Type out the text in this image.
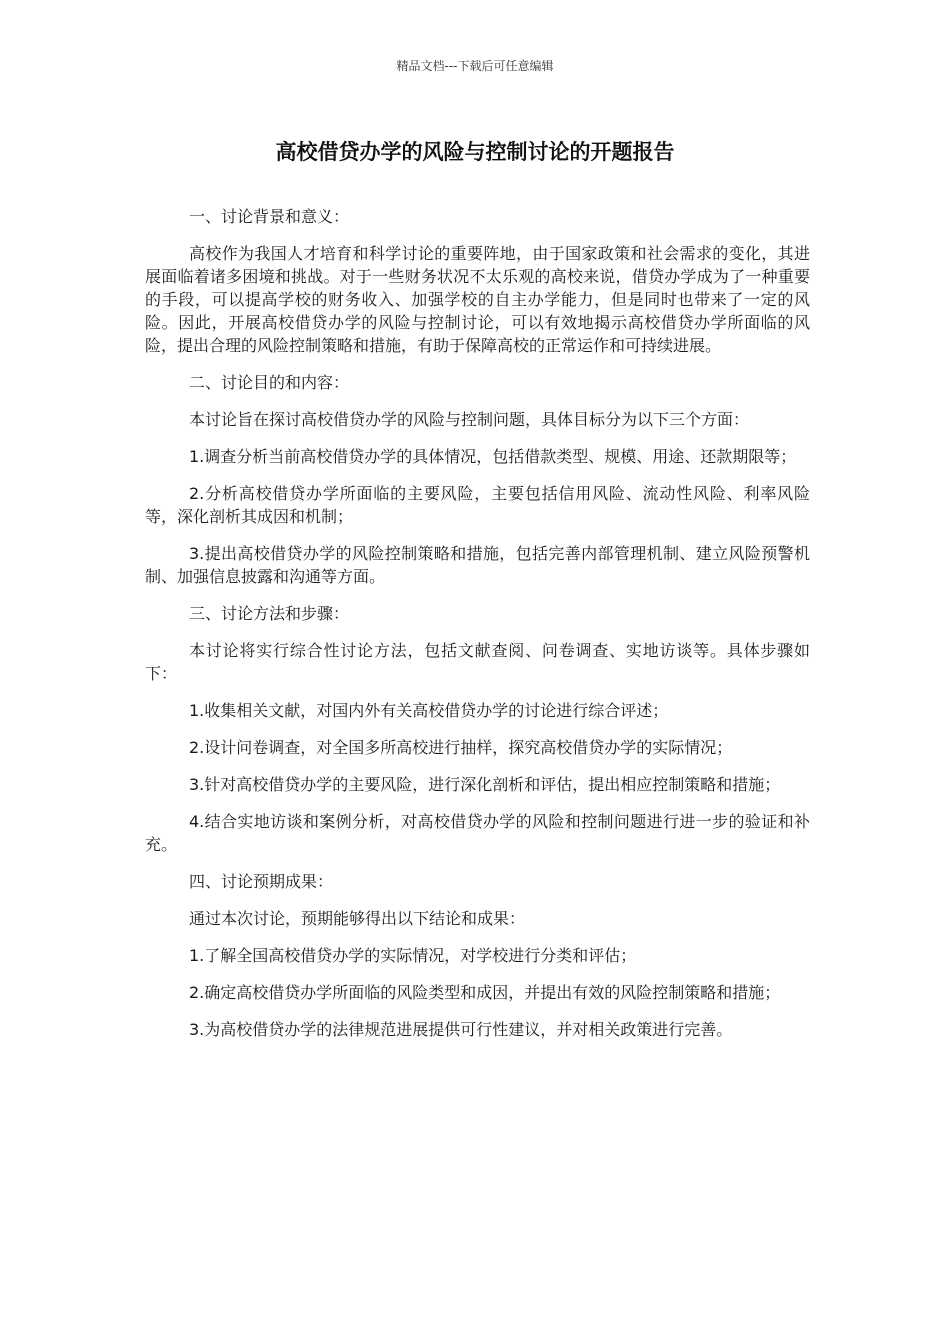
精品文档---下载后可任意编辑
高校借贷办学的风险与控制讨论的开题报告

一、讨论背景和意义：

高校作为我国人才培育和科学讨论的重要阵地，由于国家政策和社会需求的变化，其进展面临着诸多困境和挑战。对于一些财务状况不太乐观的高校来说，借贷办学成为了一种重要的手段，可以提高学校的财务收入、加强学校的自主办学能力，但是同时也带来了一定的风险。因此，开展高校借贷办学的风险与控制讨论，可以有效地揭示高校借贷办学所面临的风险，提出合理的风险控制策略和措施，有助于保障高校的正常运作和可持续进展。

二、讨论目的和内容：

本讨论旨在探讨高校借贷办学的风险与控制问题，具体目标分为以下三个方面：

1.调查分析当前高校借贷办学的具体情况，包括借款类型、规模、用途、还款期限等；

2.分析高校借贷办学所面临的主要风险，主要包括信用风险、流动性风险、利率风险等，深化剖析其成因和机制；

3.提出高校借贷办学的风险控制策略和措施，包括完善内部管理机制、建立风险预警机制、加强信息披露和沟通等方面。

三、讨论方法和步骤：

本讨论将实行综合性讨论方法，包括文献查阅、问卷调查、实地访谈等。具体步骤如下：

1.收集相关文献，对国内外有关高校借贷办学的讨论进行综合评述；

2.设计问卷调查，对全国多所高校进行抽样，探究高校借贷办学的实际情况；

3.针对高校借贷办学的主要风险，进行深化剖析和评估，提出相应控制策略和措施；

4.结合实地访谈和案例分析，对高校借贷办学的风险和控制问题进行进一步的验证和补充。

四、讨论预期成果：

通过本次讨论，预期能够得出以下结论和成果：

1.了解全国高校借贷办学的实际情况，对学校进行分类和评估；

2.确定高校借贷办学所面临的风险类型和成因，并提出有效的风险控制策略和措施；

3.为高校借贷办学的法律规范进展提供可行性建议，并对相关政策进行完善。
